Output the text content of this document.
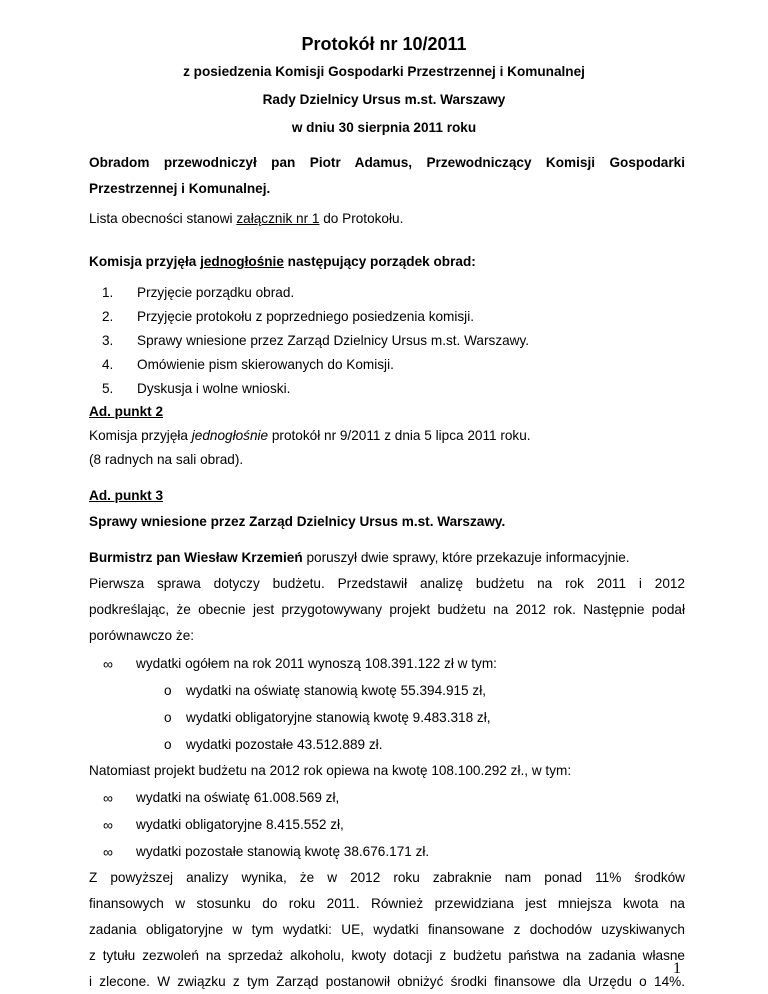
Protokół nr 10/2011
z posiedzenia Komisji Gospodarki Przestrzennej i Komunalnej
Rady Dzielnicy Ursus m.st. Warszawy
w dniu 30 sierpnia 2011 roku
Obradom przewodniczył pan Piotr Adamus, Przewodniczący Komisji Gospodarki
Przestrzennej i Komunalnej.
Lista obecności stanowi załącznik nr 1 do Protokołu.
Komisja przyjęła jednogłośnie następujący porządek obrad:
1. Przyjęcie porządku obrad.
2. Przyjęcie protokołu z poprzedniego posiedzenia komisji.
3. Sprawy wniesione przez Zarząd Dzielnicy Ursus m.st. Warszawy.
4. Omówienie pism skierowanych do Komisji.
5. Dyskusja i wolne wnioski.
Ad. punkt 2
Komisja przyjęła jednogłośnie protokół nr 9/2011 z dnia 5 lipca 2011 roku.
(8 radnych na sali obrad).
Ad. punkt 3
Sprawy wniesione przez Zarząd Dzielnicy Ursus m.st. Warszawy.
Burmistrz pan Wiesław Krzemień poruszył dwie sprawy, które przekazuje informacyjnie.
Pierwsza sprawa dotyczy budżetu. Przedstawił analizę budżetu na rok 2011 i 2012
podkreślając, że obecnie jest przygotowywany projekt budżetu na 2012 rok. Następnie podał
porównawczo że:
∞ wydatki ogółem na rok 2011 wynoszą 108.391.122 zł w tym:
o wydatki na oświatę stanowią kwotę 55.394.915 zł,
o wydatki obligatoryjne stanowią kwotę 9.483.318 zł,
o wydatki pozostałe 43.512.889 zł.
Natomiast projekt budżetu na 2012 rok opiewa na kwotę 108.100.292 zł., w tym:
∞ wydatki na oświatę 61.008.569 zł,
∞ wydatki obligatoryjne 8.415.552 zł,
∞ wydatki pozostałe stanowią kwotę 38.676.171 zł.
Z powyższej analizy wynika, że w 2012 roku zabraknie nam ponad 11% środków
finansowych w stosunku do roku 2011. Również przewidziana jest mniejsza kwota na
zadania obligatoryjne w tym wydatki: UE, wydatki finansowane z dochodów uzyskiwanych
z tytułu zezwoleń na sprzedaż alkoholu, kwoty dotacji z budżetu państwa na zadania własne
i zlecone. W związku z tym Zarząd postanowił obniżyć środki finansowe dla Urzędu o 14%.
1
